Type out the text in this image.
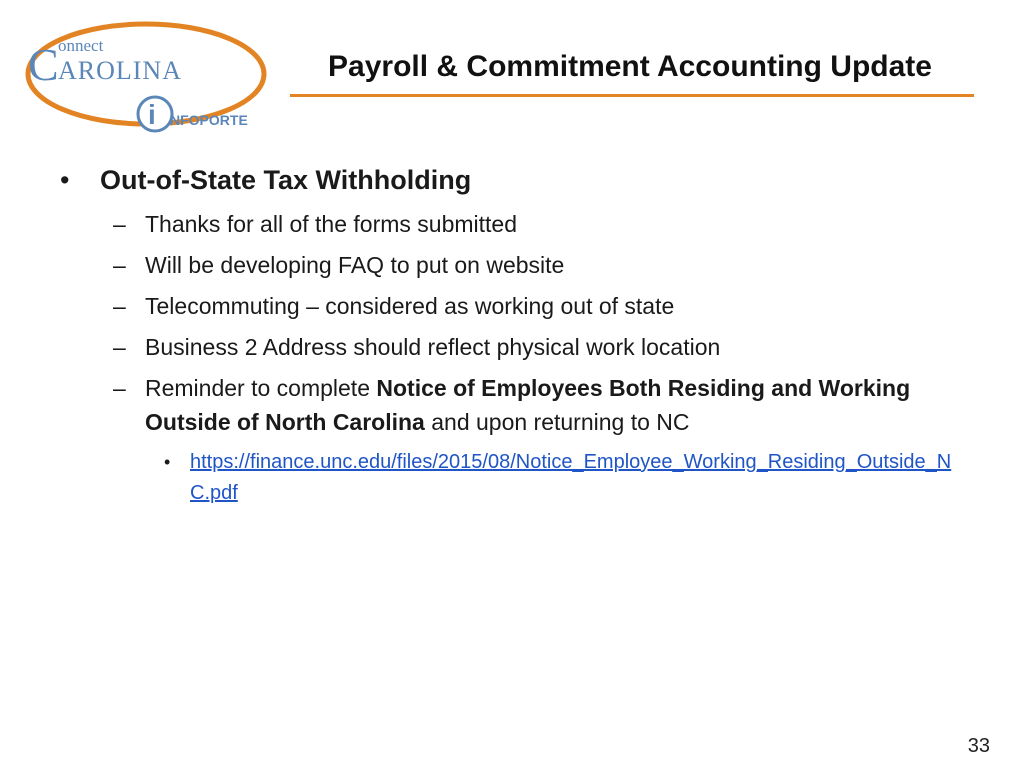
C onnect
AROLINA
i NFOPORTE
Payroll & Commitment Accounting Update
• Out-of-State Tax Withholding
– Thanks for all of the forms submitted
– Will be developing FAQ to put on website
– Telecommuting – considered as working out of state
– Business 2 Address should reflect physical work location
– Reminder to complete Notice of Employees Both Residing and Working Outside of North Carolina and upon returning to NC
• https://finance.unc.edu/files/2015/08/Notice_Employee_Working_Residing_Outside_NC.pdf
33
